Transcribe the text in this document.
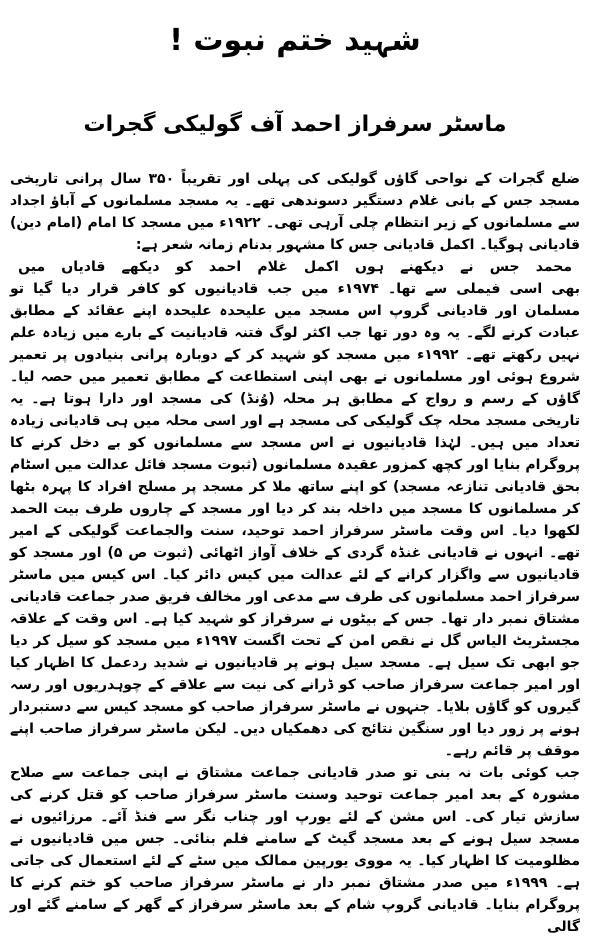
شہید ختم نبوت !
ماسٹر سرفراز احمد آف گولیکی گجرات

ضلع گجرات کے نواحی گاؤں گولیکی کی پہلی اور تقریباً ۳۵۰ سال پرانی تاریخی مسجد جس کے بانی غلام دستگیر دسوندھی تھے۔ یہ مسجد مسلمانوں کے آباؤ اجداد سے مسلمانوں کے زیر انتظام چلی آرہی تھی۔ ۱۹۲۲ء میں مسجد کا امام (امام دین) قادیانی ہوگیا۔ اکمل قادیانی جس کا مشہور بدنام زمانہ شعر ہے:

محمد
جس
نے
دیکھنے
ہوں
اکمل
غلام
احمد
کو
دیکھے
قادیاں
میں

بھی اسی فیملی سے تھا۔ ۱۹۷۴ء میں جب قادیانیوں کو کافر قرار دیا گیا تو مسلمان اور قادیانی گروپ اس مسجد میں علیحدہ علیحدہ اپنے عقائد کے مطابق عبادت کرنے لگے۔ یہ وہ دور تھا جب اکثر لوگ فتنہ قادیانیت کے بارے میں زیادہ علم نہیں رکھتے تھے۔ ۱۹۹۲ء میں مسجد کو شہید کر کے دوبارہ پرانی بنیادوں پر تعمیر شروع ہوئی اور مسلمانوں نے بھی اپنی استطاعت کے مطابق تعمیر میں حصہ لیا۔ گاؤں کے رسم و رواج کے مطابق ہر محلہ (وُنڈ) کی مسجد اور دارا ہوتا ہے۔ یہ تاریخی مسجد محلہ چک گولیکی کی مسجد ہے اور اسی محلہ میں ہی قادیانی زیادہ تعداد میں ہیں۔ لہٰذا قادیانیوں نے اس مسجد سے مسلمانوں کو بے دخل کرنے کا پروگرام بنایا اور کچھ کمزور عقیدہ مسلمانوں (ثبوت مسجد فائل عدالت میں اسٹام بحق قادیانی تنازعہ مسجد) کو اپنے ساتھ ملا کر مسجد پر مسلح افراد کا پہرہ بٹھا کر مسلمانوں کا مسجد میں داخلہ بند کر دیا اور مسجد کے چاروں طرف بیت الحمد لکھوا دیا۔ اس وقت ماسٹر سرفراز احمد توحید، سنت والجماعت گولیکی کے امیر تھے۔ انہوں نے قادیانی غنڈہ گردی کے خلاف آواز اٹھائی (ثبوت ص ۵) اور مسجد کو قادیانیوں سے واگزار کرانے کے لئے عدالت میں کیس دائر کیا۔ اس کیس میں ماسٹر سرفراز احمد مسلمانوں کی طرف سے مدعی اور مخالف فریق صدر جماعت قادیانی مشتاق نمبر دار تھا۔ جس کے بیٹوں نے سرفراز کو شہید کیا ہے۔ اس وقت کے علاقہ مجسٹریٹ الیاس گل نے نقص امن کے تحت اگست ۱۹۹۷ء میں مسجد کو سیل کر دیا جو ابھی تک سیل ہے۔ مسجد سیل ہونے پر قادیانیوں نے شدید ردعمل کا اظہار کیا اور امیر جماعت سرفراز صاحب کو ڈرانے کی نیت سے علاقے کے چوہدریوں اور رسہ گیروں کو گاؤں بلایا۔ جنہوں نے ماسٹر سرفراز صاحب کو مسجد کیس سے دستبردار ہونے پر زور دیا اور سنگین نتائج کی دھمکیاں دیں۔ لیکن ماسٹر سرفراز صاحب اپنے موقف پر قائم رہے۔

جب کوئی بات نہ بنی تو صدر قادیانی جماعت مشتاق نے اپنی جماعت سے صلاح مشورہ کے بعد امیر جماعت توحید وسنت ماسٹر سرفراز صاحب کو قتل کرنے کی سازش تیار کی۔ اس مشن کے لئے یورپ اور چناب نگر سے فنڈ آئے۔ مرزائیوں نے مسجد سیل ہونے کے بعد مسجد گیٹ کے سامنے فلم بنائی۔ جس میں قادیانیوں نے مظلومیت کا اظہار کیا۔ یہ مووی یورپین ممالک میں سٹے کے لئے استعمال کی جاتی ہے۔ ۱۹۹۹ء میں صدر مشتاق نمبر دار نے ماسٹر سرفراز صاحب کو ختم کرنے کا پروگرام بنایا۔ قادیانی گروپ شام کے بعد ماسٹر سرفراز کے گھر کے سامنے گئے اور گالی
